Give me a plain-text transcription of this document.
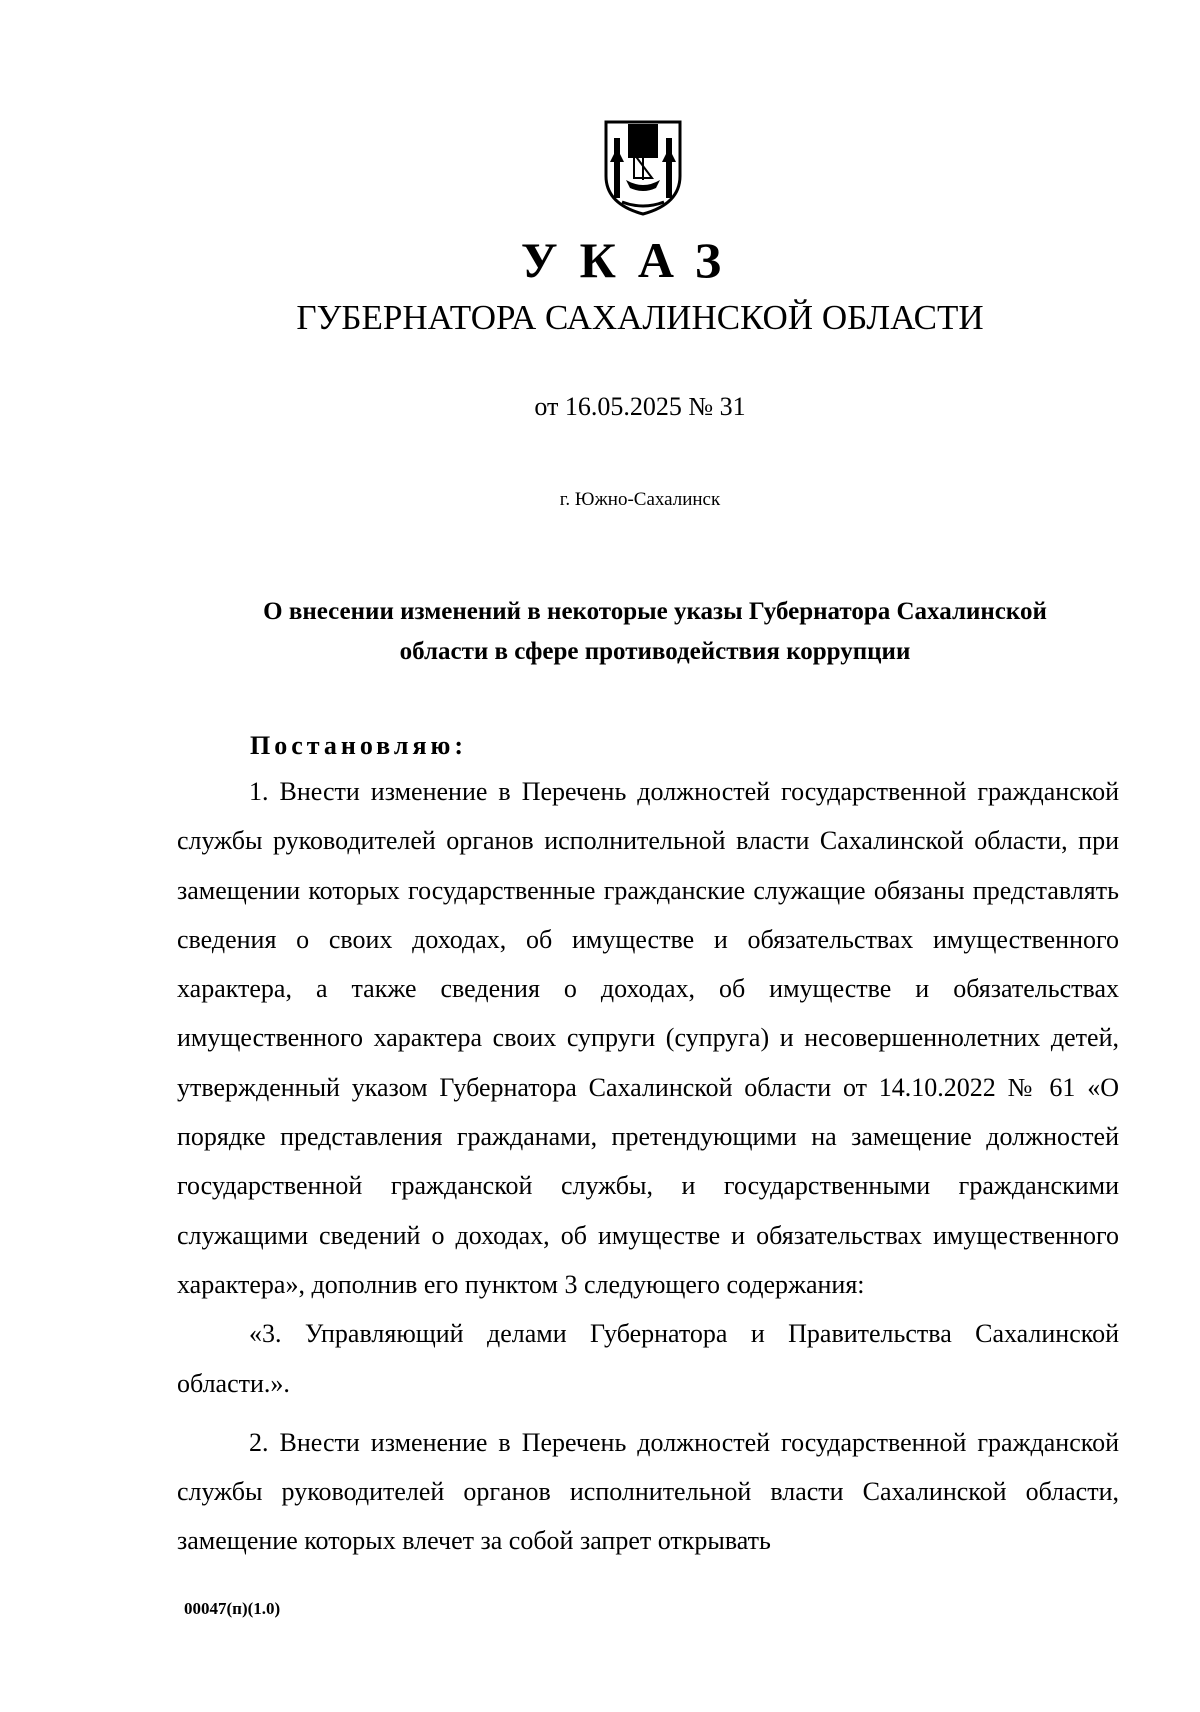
УКАЗ
ГУБЕРНАТОРА САХАЛИНСКОЙ ОБЛАСТИ
от 16.05.2025 № 31
г. Южно-Сахалинск
О внесении изменений в некоторые указы Губернатора Сахалинской
области в сфере противодействия коррупции
Постановляю:

1. Внести изменение в Перечень должностей государственной гражданской службы руководителей органов исполнительной власти Сахалинской области, при замещении которых государственные гражданские служащие обязаны представлять сведения о своих доходах, об имуществе и обязательствах имущественного характера, а также сведения о доходах, об имуществе и обязательствах имущественного характера своих супруги (супруга) и несовершеннолетних детей, утвержденный указом Губернатора Сахалинской области от 14.10.2022 № 61 «О порядке представления гражданами, претендующими на замещение должностей государственной гражданской службы, и государственными гражданскими служащими сведений о доходах, об имуществе и обязательствах имущественного характера», дополнив его пунктом 3 следующего содержания:

«3. Управляющий делами Губернатора и Правительства Сахалинской области.».

2. Внести изменение в Перечень должностей государственной гражданской службы руководителей органов исполнительной власти Сахалинской области, замещение которых влечет за собой запрет открывать

00047(п)(1.0)
